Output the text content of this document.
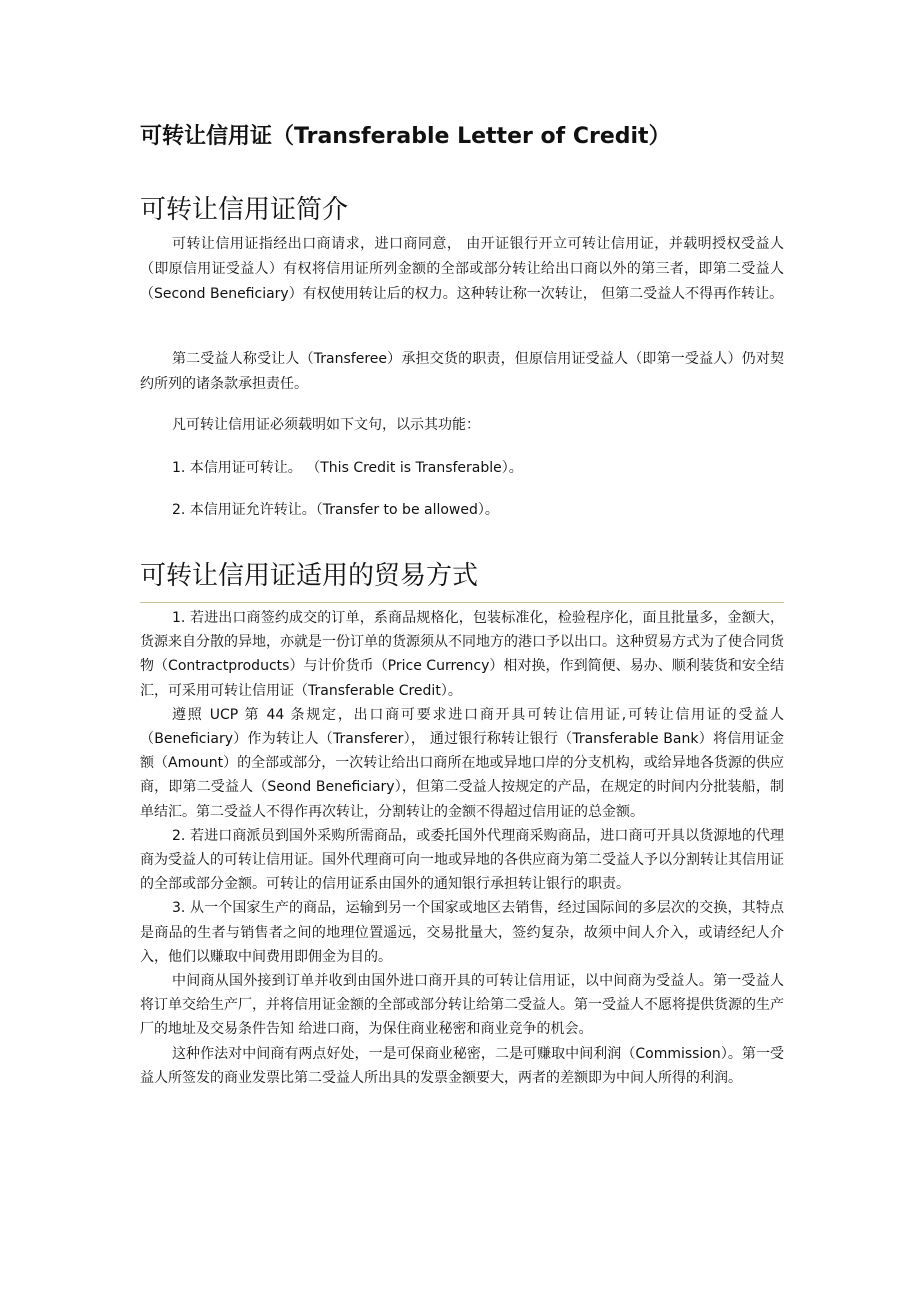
可转让信用证（Transferable Letter of Credit）
可转让信用证简介

可转让信用证指经出口商请求，进口商同意， 由开证银行开立可转让信用证，并载明授权受益人（即原信用证受益人）有权将信用证所列金额的全部或部分转让给出口商以外的第三者，即第二受益人（Second Beneficiary）有权使用转让后的权力。这种转让称一次转让， 但第二受益人不得再作转让。

第二受益人称受让人（Transferee）承担交货的职责，但原信用证受益人（即第一受益人）仍对契约所列的诸条款承担责任。

凡可转让信用证必须载明如下文句，以示其功能：

1. 本信用证可转让。 （This Credit is Transferable）。

2. 本信用证允许转让。（Transfer to be allowed）。

可转让信用证适用的贸易方式

1. 若进出口商签约成交的订单，系商品规格化，包装标准化，检验程序化，面且批量多，金额大，货源来自分散的异地，亦就是一份订单的货源须从不同地方的港口予以出口。这种贸易方式为了使合同货物（Contractproducts）与计价货币（Price Currency）相对换，作到简便、易办、顺利装货和安全结汇，可采用可转让信用证（Transferable Credit）。

遵照 UCP 第 44 条规定，出口商可要求进口商开具可转让信用证,可转让信用证的受益人（Beneficiary）作为转让人（Transferer）， 通过银行称转让银行（Transferable Bank）将信用证金额（Amount）的全部或部分，一次转让给出口商所在地或异地口岸的分支机构，或给异地各货源的供应商，即第二受益人（Seond Beneficiary），但第二受益人按规定的产品，在规定的时间内分批装船，制单结汇。第二受益人不得作再次转让，分割转让的金额不得超过信用证的总金额。

2. 若进口商派员到国外采购所需商品，或委托国外代理商采购商品，进口商可开具以货源地的代理商为受益人的可转让信用证。国外代理商可向一地或异地的各供应商为第二受益人予以分割转让其信用证的全部或部分金额。可转让的信用证系由国外的通知银行承担转让银行的职责。

3. 从一个国家生产的商品，运输到另一个国家或地区去销售，经过国际间的多层次的交换，其特点是商品的生者与销售者之间的地理位置遥远，交易批量大，签约复杂，故须中间人介入，或请经纪人介入，他们以赚取中间费用即佣金为目的。

中间商从国外接到订单并收到由国外进口商开具的可转让信用证，以中间商为受益人。第一受益人将订单交给生产厂，并将信用证金额的全部或部分转让给第二受益人。第一受益人不愿将提供货源的生产厂的地址及交易条件告知 给进口商，为保住商业秘密和商业竞争的机会。

这种作法对中间商有两点好处，一是可保商业秘密，二是可赚取中间利润（Commission）。第一受益人所签发的商业发票比第二受益人所出具的发票金额要大，两者的差额即为中间人所得的利润。
